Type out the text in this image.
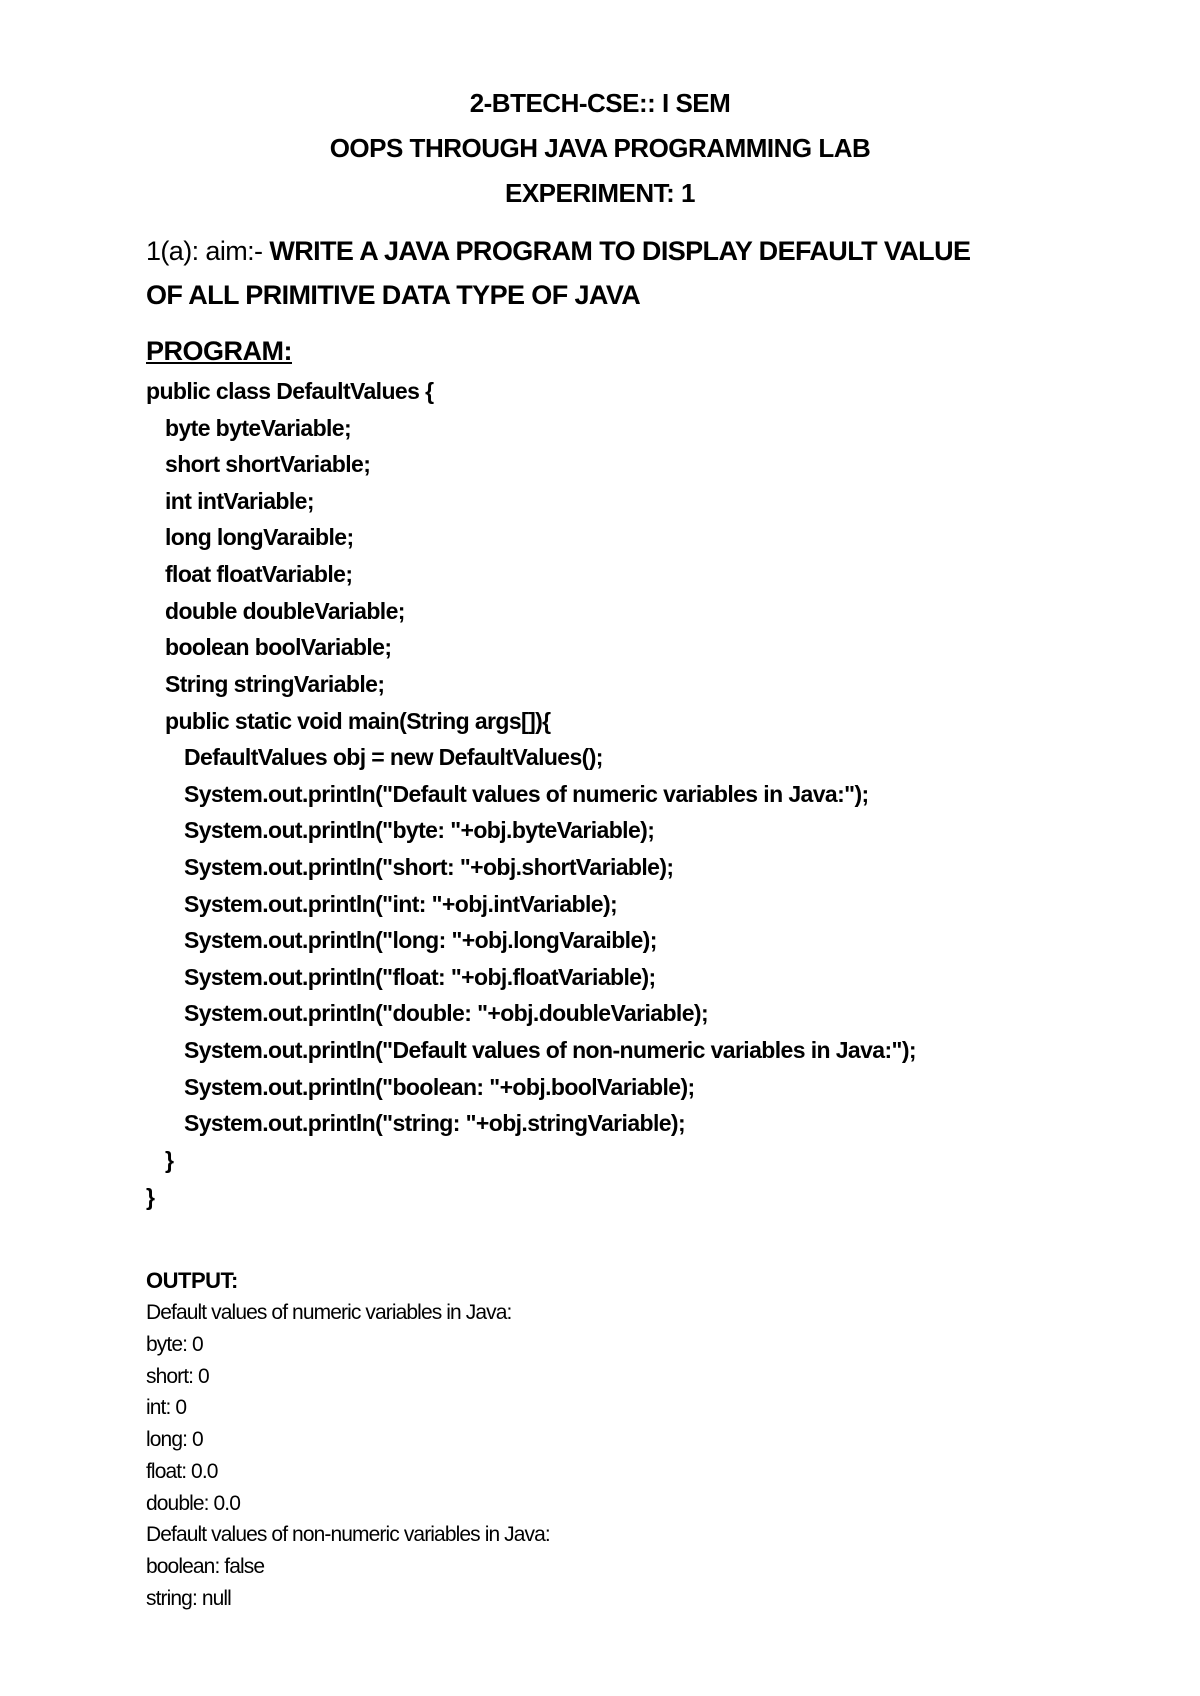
2-BTECH-CSE:: I SEM
OOPS THROUGH JAVA PROGRAMMING LAB
EXPERIMENT: 1
1(a): aim:- WRITE A JAVA PROGRAM TO DISPLAY DEFAULT VALUE
OF ALL PRIMITIVE DATA TYPE OF JAVA
PROGRAM:
public class DefaultValues {
byte byteVariable;
short shortVariable;
int intVariable;
long longVaraible;
float floatVariable;
double doubleVariable;
boolean boolVariable;
String stringVariable;
public static void main(String args[]){
DefaultValues obj = new DefaultValues();
System.out.println("Default values of numeric variables in Java:");
System.out.println("byte: "+obj.byteVariable);
System.out.println("short: "+obj.shortVariable);
System.out.println("int: "+obj.intVariable);
System.out.println("long: "+obj.longVaraible);
System.out.println("float: "+obj.floatVariable);
System.out.println("double: "+obj.doubleVariable);
System.out.println("Default values of non-numeric variables in Java:");
System.out.println("boolean: "+obj.boolVariable);
System.out.println("string: "+obj.stringVariable);
}
}
OUTPUT:
Default values of numeric variables in Java:
byte: 0
short: 0
int: 0
long: 0
float: 0.0
double: 0.0
Default values of non-numeric variables in Java:
boolean: false
string: null
